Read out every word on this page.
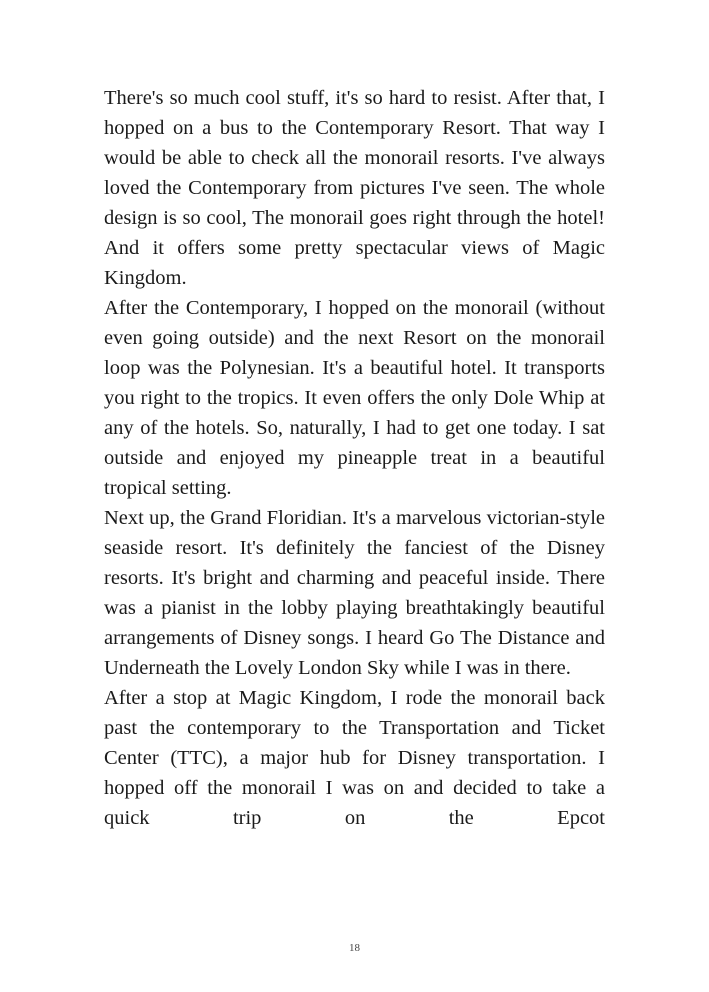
There's so much cool stuff, it's so hard to resist. After that, I hopped on a bus to the Contemporary Resort. That way I would be able to check all the monorail resorts. I've always loved the Contemporary from pictures I've seen. The whole design is so cool, The monorail goes right through the hotel! And it offers some pretty spectacular views of Magic Kingdom.

After the Contemporary, I hopped on the monorail (without even going outside) and the next Resort on the monorail loop was the Polynesian. It's a beautiful hotel. It transports you right to the tropics. It even offers the only Dole Whip at any of the hotels. So, naturally, I had to get one today. I sat outside and enjoyed my pineapple treat in a beautiful tropical setting.

Next up, the Grand Floridian. It's a marvelous victorian-style seaside resort. It's definitely the fanciest of the Disney resorts. It's bright and charming and peaceful inside. There was a pianist in the lobby playing breathtakingly beautiful arrangements of Disney songs. I heard Go The Distance and Underneath the Lovely London Sky while I was in there.

After a stop at Magic Kingdom, I rode the monorail back past the contemporary to the Transportation and Ticket Center (TTC), a major hub for Disney transportation. I hopped off the monorail I was on and decided to take a quick trip on the Epcot

18
